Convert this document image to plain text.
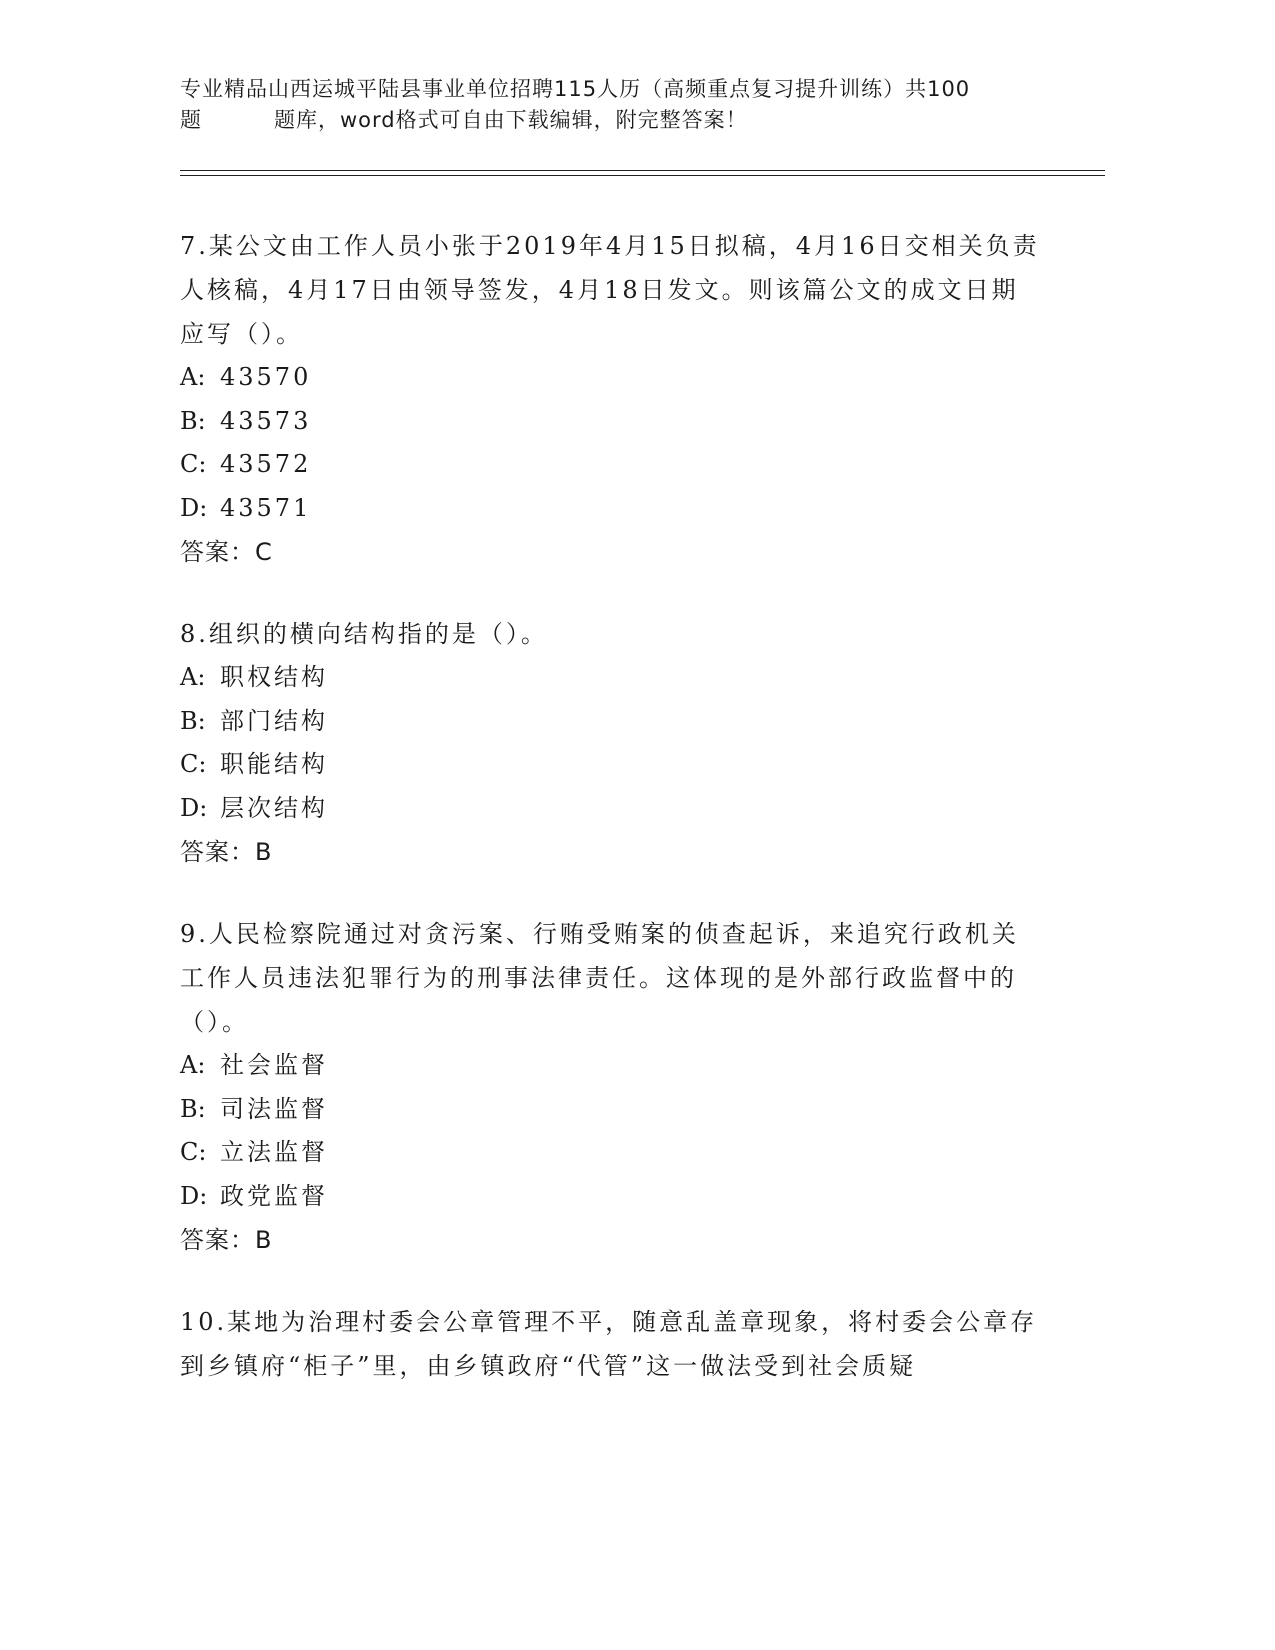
专业精品山西运城平陆县事业单位招聘115人历（高频重点复习提升训练）共100
题	题库，word格式可自由下载编辑，附完整答案！
7.某公文由工作人员小张于2019年4月15日拟稿，4月16日交相关负责人核稿，4月17日由领导签发，4月18日发文。则该篇公文的成文日期应写（）。
A: 43570
B: 43573
C: 43572
D: 43571
答案：C
8.组织的横向结构指的是（）。
A: 职权结构
B: 部门结构
C: 职能结构
D: 层次结构
答案：B
9.人民检察院通过对贪污案、行贿受贿案的侦查起诉，来追究行政机关工作人员违法犯罪行为的刑事法律责任。这体现的是外部行政监督中的（）。
A: 社会监督
B: 司法监督
C: 立法监督
D: 政党监督
答案：B
10.某地为治理村委会公章管理不平，随意乱盖章现象，将村委会公章存到乡镇府“柜子”里，由乡镇政府“代管”这一做法受到社会质疑
